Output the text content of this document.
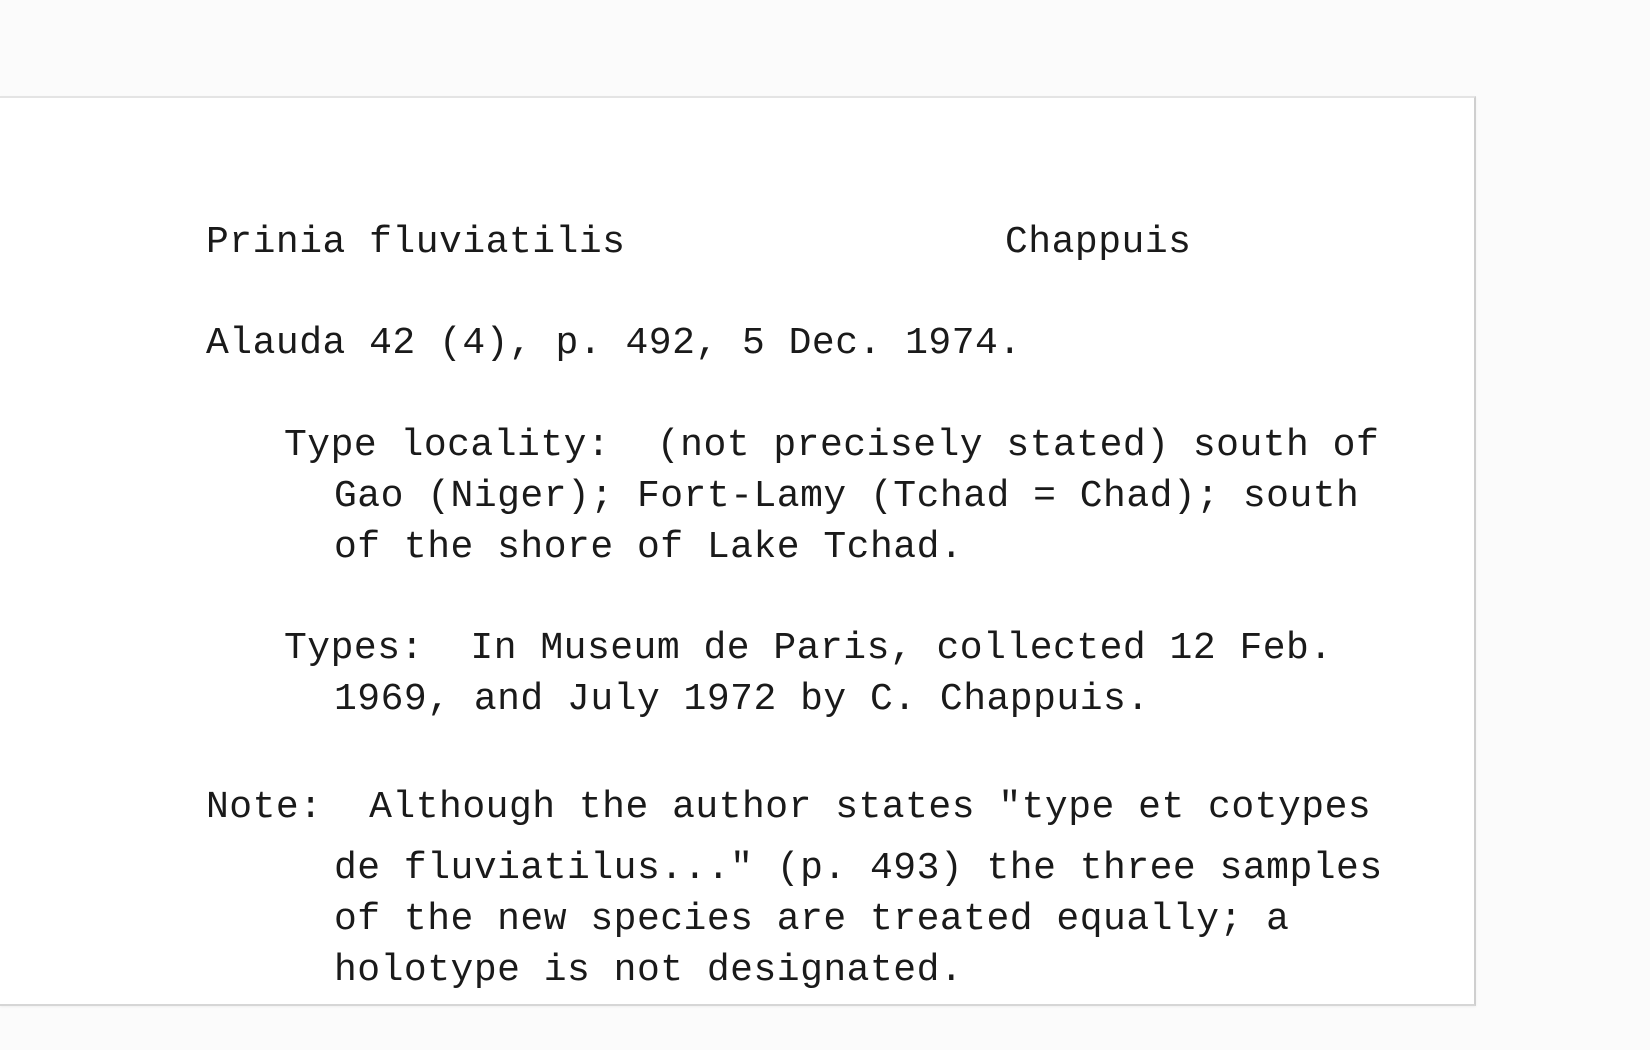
Prinia fluviatilis	Chappuis

Alauda 42 (4), p. 492, 5 Dec. 1974.

Type locality:  (not precisely stated) south of

Gao (Niger); Fort-Lamy (Tchad = Chad); south

of the shore of Lake Tchad.

Types:  In Museum de Paris, collected 12 Feb.

1969, and July 1972 by C. Chappuis.

Note:  Although the author states "type et cotypes

de fluviatilus..." (p. 493) the three samples

of the new species are treated equally; a

holotype is not designated.
